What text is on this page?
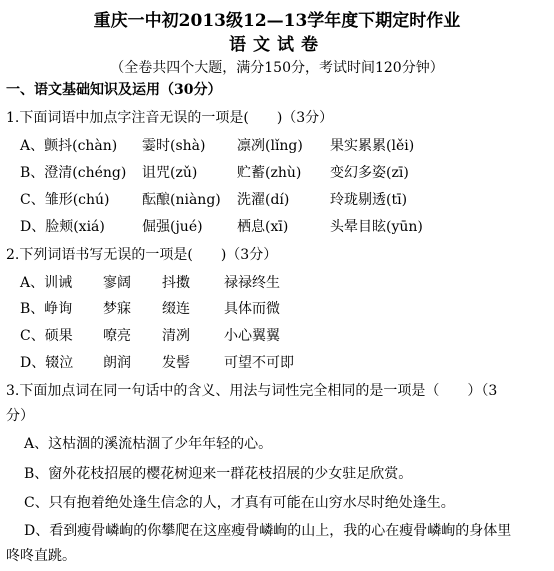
重庆一中初2013级12—13学年度下期定时作业
语文试卷
（全卷共四个大题，满分150分，考试时间120分钟）
一、语文基础知识及运用（30分）
1.下面词语中加点字注音无误的一项是(　　)（3分）
A、颤抖(chàn) 霎时(shà) 凛冽(lǐng) 果实累累(lěi)
B、澄清(chéng) 诅咒(zǔ)	贮蓄(zhù) 变幻多姿(zī)
C、雏形(chú) 酝酿(niàng) 洗濯(dí)	玲珑剔透(tī)
D、脸颊(xiá)	倔强(jué) 栖息(xī)	头晕目眩(yūn)
2.下列词语书写无误的一项是(　　)（3分）
A、训诫 寥阔 抖擞 禄禄终生
B、峥询 梦寐 缀连 具体而微
C、硕果 嘹亮 清冽 小心翼翼
D、辍泣 朗润 发髻 可望不可即
3.下面加点词在同一句话中的含义、用法与词性完全相同的是一项是（　　）（3
分）
A、这枯涸的溪流枯涸了少年年轻的心。
B、窗外花枝招展的樱花树迎来一群花枝招展的少女驻足欣赏。
C、只有抱着绝处逢生信念的人，才真有可能在山穷水尽时绝处逢生。
D、看到瘦骨嶙峋的你攀爬在这座瘦骨嶙峋的山上，我的心在瘦骨嶙峋的身体里
咚咚直跳。
